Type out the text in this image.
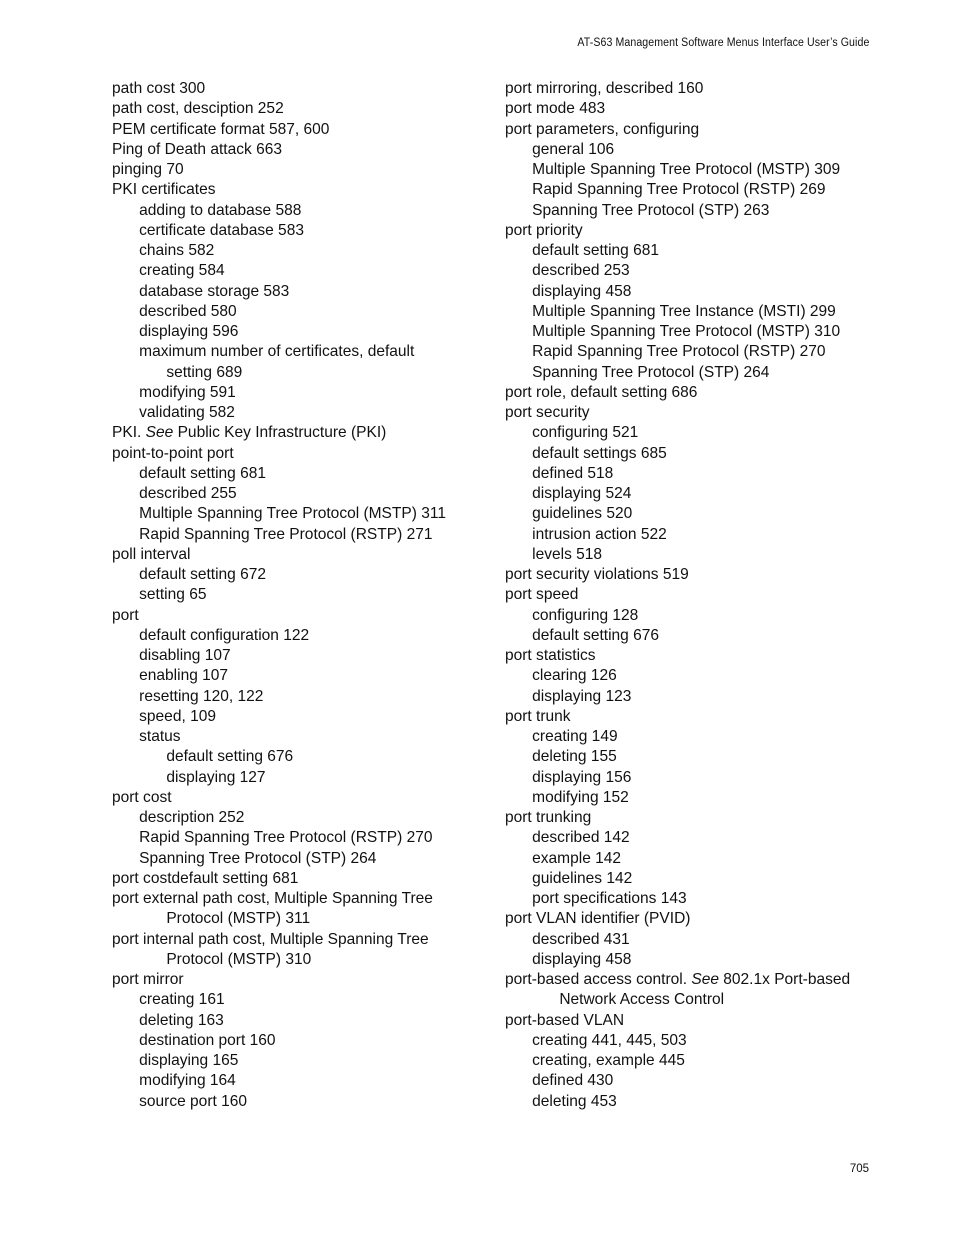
AT-S63 Management Software Menus Interface User’s Guide
path cost 300
path cost, desciption 252
PEM certificate format 587, 600
Ping of Death attack 663
pinging 70
PKI certificates
adding to database 588
certificate database 583
chains 582
creating 584
database storage 583
described 580
displaying 596
maximum number of certificates, default
setting 689
modifying 591
validating 582
PKI. See Public Key Infrastructure (PKI)
point-to-point port
default setting 681
described 255
Multiple Spanning Tree Protocol (MSTP) 311
Rapid Spanning Tree Protocol (RSTP) 271
poll interval
default setting 672
setting 65
port
default configuration 122
disabling 107
enabling 107
resetting 120, 122
speed, 109
status
default setting 676
displaying 127
port cost
description 252
Rapid Spanning Tree Protocol (RSTP) 270
Spanning Tree Protocol (STP) 264
port costdefault setting 681
port external path cost, Multiple Spanning Tree
Protocol (MSTP) 311
port internal path cost, Multiple Spanning Tree
Protocol (MSTP) 310
port mirror
creating 161
deleting 163
destination port 160
displaying 165
modifying 164
source port 160
port mirroring, described 160
port mode 483
port parameters, configuring
general 106
Multiple Spanning Tree Protocol (MSTP) 309
Rapid Spanning Tree Protocol (RSTP) 269
Spanning Tree Protocol (STP) 263
port priority
default setting 681
described 253
displaying 458
Multiple Spanning Tree Instance (MSTI) 299
Multiple Spanning Tree Protocol (MSTP) 310
Rapid Spanning Tree Protocol (RSTP) 270
Spanning Tree Protocol (STP) 264
port role, default setting 686
port security
configuring 521
default settings 685
defined 518
displaying 524
guidelines 520
intrusion action 522
levels 518
port security violations 519
port speed
configuring 128
default setting 676
port statistics
clearing 126
displaying 123
port trunk
creating 149
deleting 155
displaying 156
modifying 152
port trunking
described 142
example 142
guidelines 142
port specifications 143
port VLAN identifier (PVID)
described 431
displaying 458
port-based access control. See 802.1x Port-based
Network Access Control
port-based VLAN
creating 441, 445, 503
creating, example 445
defined 430
deleting 453
705
